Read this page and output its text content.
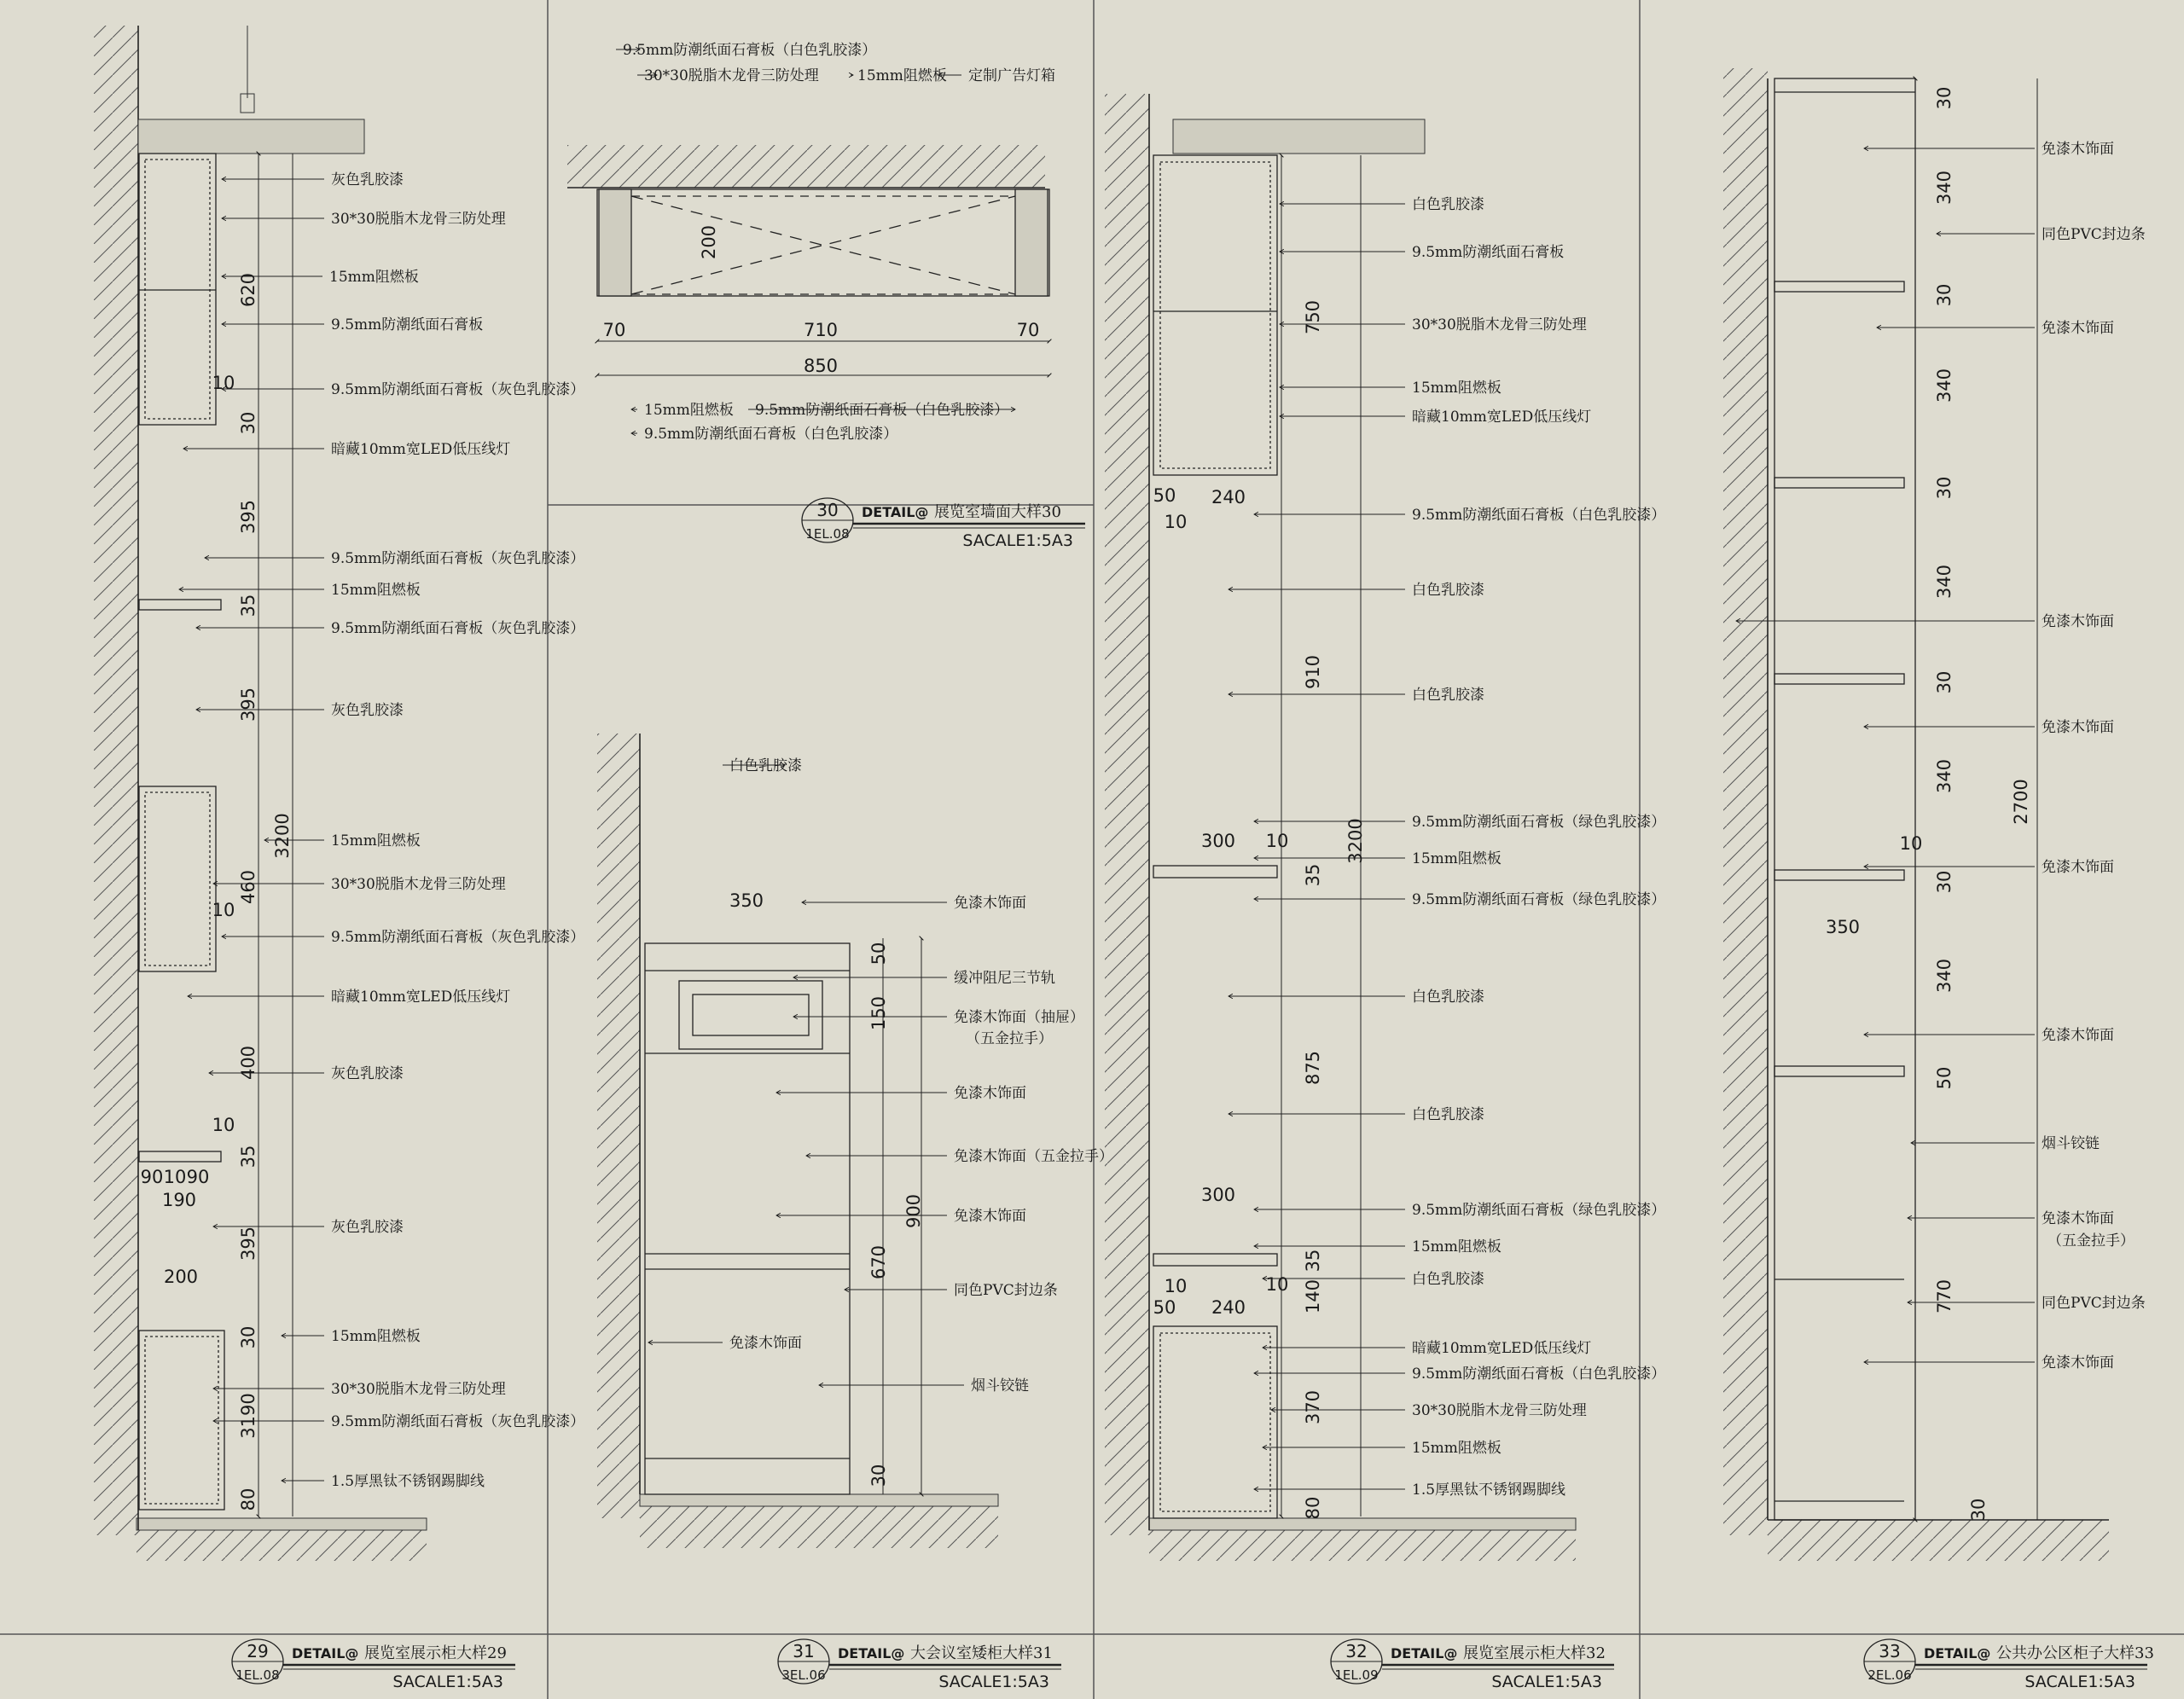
灰色乳胶漆
30*30脱脂木龙骨三防处理
15mm阻燃板
9.5mm防潮纸面石膏板
9.5mm防潮纸面石膏板（灰色乳胶漆）
暗藏10mm宽LED低压线灯
9.5mm防潮纸面石膏板（灰色乳胶漆）
15mm阻燃板
9.5mm防潮纸面石膏板（灰色乳胶漆）
灰色乳胶漆
15mm阻燃板
30*30脱脂木龙骨三防处理
9.5mm防潮纸面石膏板（灰色乳胶漆）
暗藏10mm宽LED低压线灯
灰色乳胶漆
灰色乳胶漆
15mm阻燃板
30*30脱脂木龙骨三防处理
9.5mm防潮纸面石膏板（灰色乳胶漆）
1.5厚黑钛不锈钢踢脚线
9.5mm防潮纸面石膏板（白色乳胶漆）
30*30脱脂木龙骨三防处理	15mm阻燃板 定制广告灯箱
15mm阻燃板 9.5mm防潮纸面石膏板（白色乳胶漆）
9.5mm防潮纸面石膏板（白色乳胶漆）
白色乳胶漆
免漆木饰面
缓冲阻尼三节轨
免漆木饰面（抽屉）
（五金拉手）
免漆木饰面
免漆木饰面（五金拉手）
免漆木饰面
同色PVC封边条
免漆木饰面
烟斗铰链
白色乳胶漆
9.5mm防潮纸面石膏板
30*30脱脂木龙骨三防处理
15mm阻燃板
暗藏10mm宽LED低压线灯
9.5mm防潮纸面石膏板（白色乳胶漆）
白色乳胶漆
白色乳胶漆
9.5mm防潮纸面石膏板（绿色乳胶漆）
15mm阻燃板
9.5mm防潮纸面石膏板（绿色乳胶漆）
白色乳胶漆
白色乳胶漆
9.5mm防潮纸面石膏板（绿色乳胶漆）
15mm阻燃板
白色乳胶漆
暗藏10mm宽LED低压线灯
9.5mm防潮纸面石膏板（白色乳胶漆）
30*30脱脂木龙骨三防处理
15mm阻燃板
1.5厚黑钛不锈钢踢脚线
免漆木饰面
同色PVC封边条
免漆木饰面
免漆木饰面
免漆木饰面
免漆木饰面
免漆木饰面
烟斗铰链
免漆木饰面
（五金拉手）
同色PVC封边条
免漆木饰面
620
10
30
395
35
395
3200
460
10
400
10
35
90 10 90
190
395
200
30
3190
80
200
70	710	70
850
350
50
150
900
670
30
750
50 240
10
910
300 10	3200
35
875
300
35
10	10
50 240	140
370
80
30
340
30
340
30
340
30
340
2700
10
30
350
340
50
770
30
29
1EL.08
DETAIL@ 展览室展示柜大样29
SACALE1:5A3
30
1EL.08
DETAIL@ 展览室墙面大样30
SACALE1:5A3
31
3EL.06
DETAIL@ 大会议室矮柜大样31
SACALE1:5A3
32
1EL.09
DETAIL@ 展览室展示柜大样32
SACALE1:5A3
33
2EL.06
DETAIL@ 公共办公区柜子大样33
SACALE1:5A3
